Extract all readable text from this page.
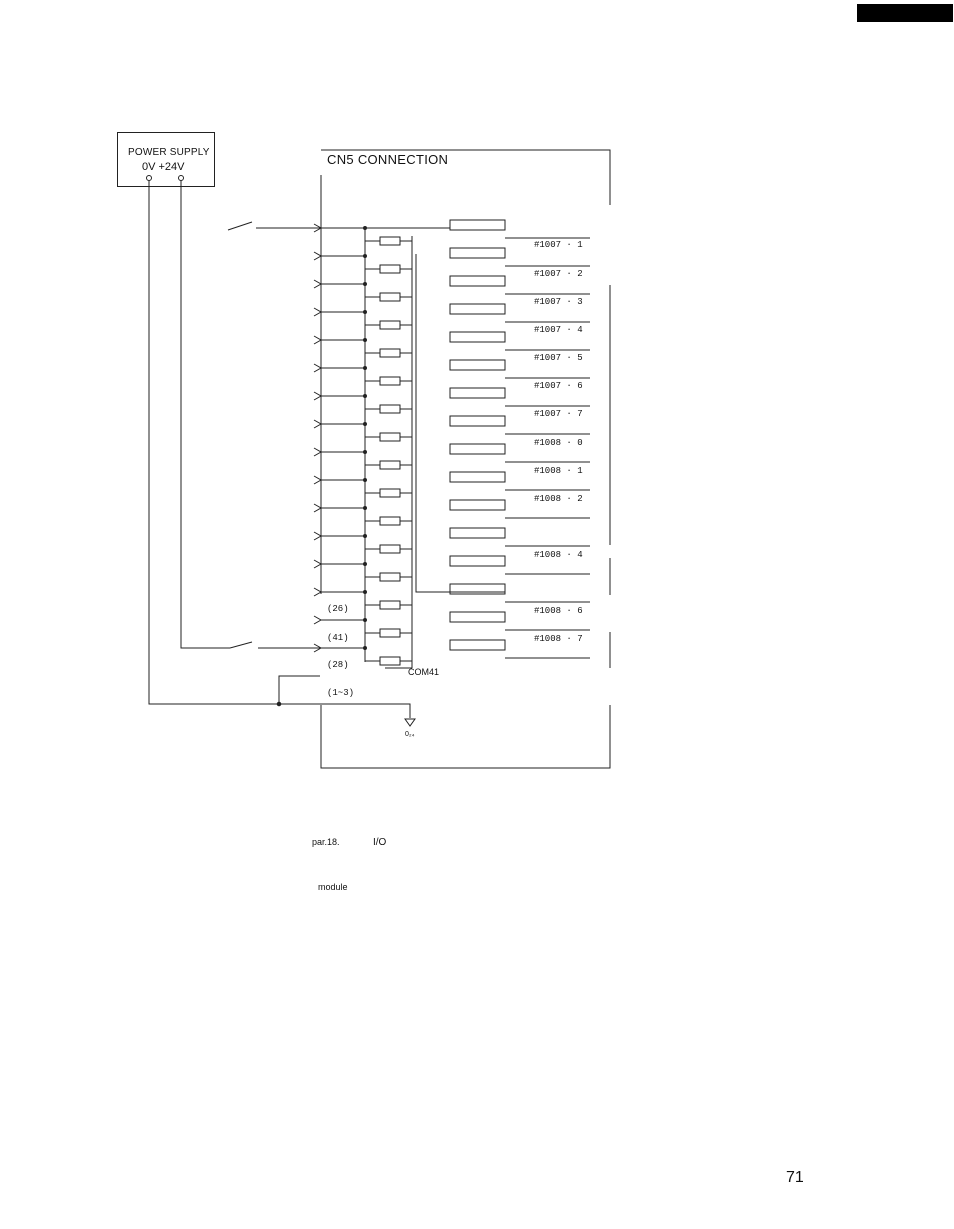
POWER SUPPLY
0V +24V	CN5 CONNECTION
#1007 · 1
#1007 · 2
#1007 · 3
#1007 · 4
#1007 · 5
#1007 · 6
#1007 · 7
#1008 · 0
#1008 · 1
#1008 · 2
#1008 · 4
#1008 · 6
#1008 · 7
(26)
(41)
(28)
(1~3)
COM41
0₂₄
par.18.	I/O
module
71
